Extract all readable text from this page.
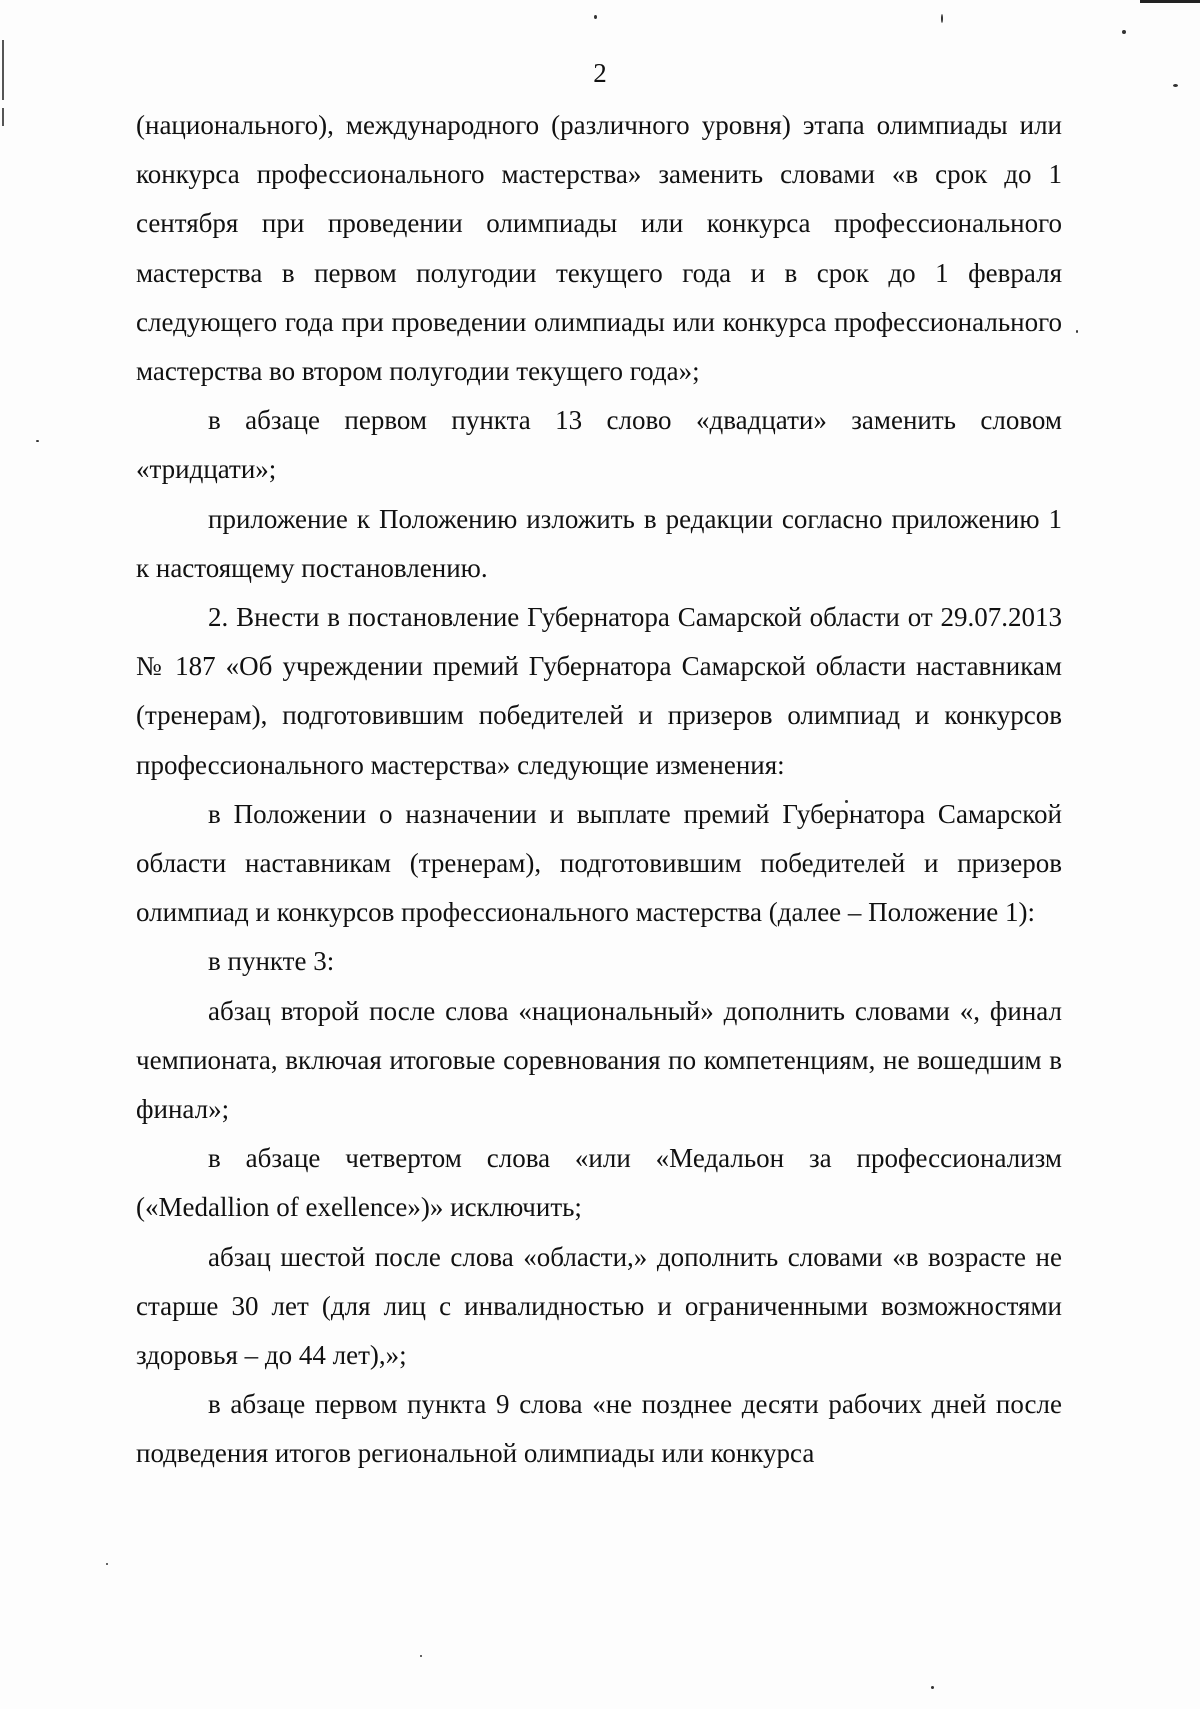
2

(национального), международного (различного уровня) этапа олимпиады или конкурса профессионального мастерства» заменить словами «в срок до 1 сентября при проведении олимпиады или конкурса профессионального мастерства в первом полугодии текущего года и в срок до 1 февраля следующего года при проведении олимпиады или конкурса профессионального мастерства во втором полугодии текущего года»;

в абзаце первом пункта 13 слово «двадцати» заменить словом «тридцати»;

приложение к Положению изложить в редакции согласно приложению 1 к настоящему постановлению.

2. Внести в постановление Губернатора Самарской области от 29.07.2013 № 187 «Об учреждении премий Губернатора Самарской области наставникам (тренерам), подготовившим победителей и призеров олимпиад и конкурсов профессионального мастерства» следующие изменения:

в Положении о назначении и выплате премий Губернатора Самарской области наставникам (тренерам), подготовившим победителей и призеров олимпиад и конкурсов профессионального мастерства (далее – Положение 1):

в пункте 3:

абзац второй после слова «национальный» дополнить словами «, финал чемпионата, включая итоговые соревнования по компетенциям, не вошедшим в финал»;

в абзаце четвертом слова «или «Медальон за профессионализм («Medallion of exellence»)» исключить;

абзац шестой после слова «области,» дополнить словами «в возрасте не старше 30 лет (для лиц с инвалидностью и ограниченными возможностями здоровья – до 44 лет),»;

в абзаце первом пункта 9 слова «не позднее десяти рабочих дней после подведения итогов региональной олимпиады или конкурса
